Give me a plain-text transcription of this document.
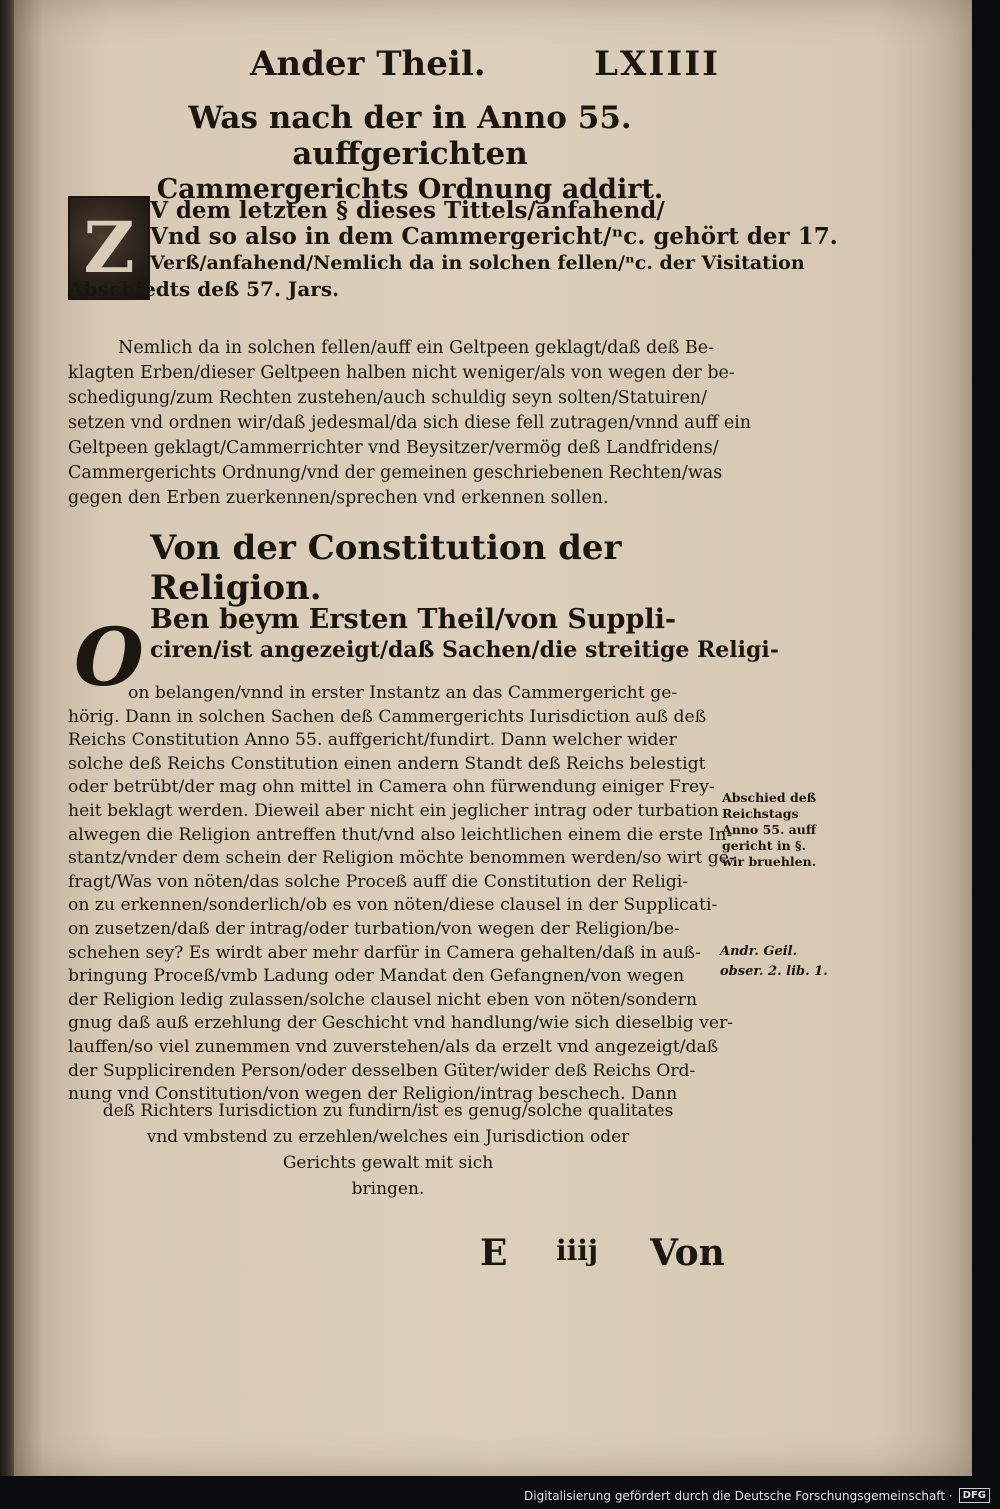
Ander Theil.	LXIIII
Was nach der in Anno 55. auffgerichten
Cammergerichts Ordnung addirt.
Z V dem letzten § dieses Tittels/anfahend/

Vnd so also in dem Cammergericht/ⁿc. gehört der 17.

Verß/anfahend/Nemlich da in solchen fellen/ⁿc. der Visitation

Abschiedts deß 57. Jars.

Nemlich da in solchen fellen/auff ein Geltpeen geklagt/daß deß Be-

klagten Erben/dieser Geltpeen halben nicht weniger/als von wegen der be-

schedigung/zum Rechten zustehen/auch schuldig seyn solten/Statuiren/

setzen vnd ordnen wir/daß jedesmal/da sich diese fell zutragen/vnnd auff ein

Geltpeen geklagt/Cammerrichter vnd Beysitzer/vermög deß Landfridens/

Cammergerichts Ordnung/vnd der gemeinen geschriebenen Rechten/was

gegen den Erben zuerkennen/sprechen vnd erkennen sollen.

Von der Constitution der Religion.
O Ben beym Ersten Theil/von Suppli-

ciren/ist angezeigt/daß Sachen/die streitige Religi-

on belangen/vnnd in erster Instantz an das Cammergericht ge-

hörig. Dann in solchen Sachen deß Cammergerichts Iurisdiction auß deß

Reichs Constitution Anno 55. auffgericht/fundirt. Dann welcher wider

solche deß Reichs Constitution einen andern Standt deß Reichs belestigt

oder betrübt/der mag ohn mittel in Camera ohn fürwendung einiger Frey-

heit beklagt werden. Dieweil aber nicht ein jeglicher intrag oder turbation

alwegen die Religion antreffen thut/vnd also leichtlichen einem die erste In-

stantz/vnder dem schein der Religion möchte benommen werden/so wirt ge-

fragt/Was von nöten/das solche Proceß auff die Constitution der Religi-

on zu erkennen/sonderlich/ob es von nöten/diese clausel in der Supplicati-

on zusetzen/daß der intrag/oder turbation/von wegen der Religion/be-

schehen sey? Es wirdt aber mehr darfür in Camera gehalten/daß in auß-

bringung Proceß/vmb Ladung oder Mandat den Gefangnen/von wegen

der Religion ledig zulassen/solche clausel nicht eben von nöten/sondern

gnug daß auß erzehlung der Geschicht vnd handlung/wie sich dieselbig ver-

lauffen/so viel zunemmen vnd zuverstehen/als da erzelt vnd angezeigt/daß

der Supplicirenden Person/oder desselben Güter/wider deß Reichs Ord-

nung vnd Constitution/von wegen der Religion/intrag beschech. Dann

deß Richters Iurisdiction zu fundirn/ist es genug/solche qualitates

vnd vmbstend zu erzehlen/welches ein Jurisdiction oder

Gerichts gewalt mit sich

bringen.

Abschied deß
Reichstags
Anno 55. auff
gericht in §.
wir bruehlen.
Andr. Geil.
obser. 2. lib. 1.
E iiij Von
Digitalisierung gefördert durch die Deutsche Forschungsgemeinschaft ·	DFG
